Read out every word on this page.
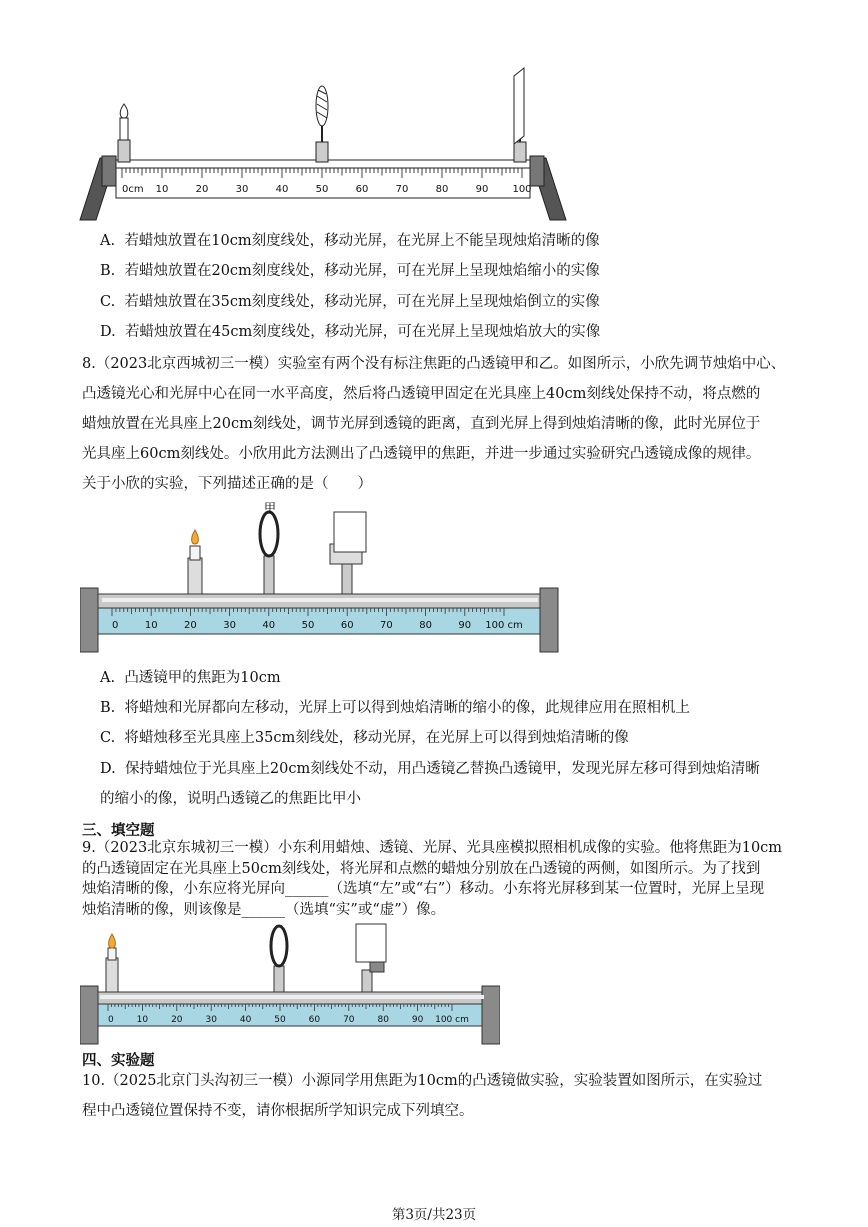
0cm 10	20	30	40	50	60	70	80	90 100
A. 若蜡烛放置在10cm刻度线处，移动光屏，在光屏上不能呈现烛焰清晰的像
B. 若蜡烛放置在20cm刻度线处，移动光屏，可在光屏上呈现烛焰缩小的实像
C. 若蜡烛放置在35cm刻度线处，移动光屏，可在光屏上呈现烛焰倒立的实像
D. 若蜡烛放置在45cm刻度线处，移动光屏，可在光屏上呈现烛焰放大的实像
8.（2023北京西城初三一模）实验室有两个没有标注焦距的凸透镜甲和乙。如图所示，小欣先调节烛焰中心、
凸透镜光心和光屏中心在同一水平高度，然后将凸透镜甲固定在光具座上40cm刻线处保持不动，将点燃的
蜡烛放置在光具座上20cm刻线处，调节光屏到透镜的距离，直到光屏上得到烛焰清晰的像，此时光屏位于
光具座上60cm刻线处。小欣用此方法测出了凸透镜甲的焦距，并进一步通过实验研究凸透镜成像的规律。
关于小欣的实验，下列描述正确的是（　　）
0	10	20	30	40	50	60	70	80	90 100 cm
甲
A. 凸透镜甲的焦距为10cm
B. 将蜡烛和光屏都向左移动，光屏上可以得到烛焰清晰的缩小的像，此规律应用在照相机上
C. 将蜡烛移至光具座上35cm刻线处，移动光屏，在光屏上可以得到烛焰清晰的像
D. 保持蜡烛位于光具座上20cm刻线处不动，用凸透镜乙替换凸透镜甲，发现光屏左移可得到烛焰清晰
的缩小的像，说明凸透镜乙的焦距比甲小
三、填空题
9.（2023北京东城初三一模）小东利用蜡烛、透镜、光屏、光具座模拟照相机成像的实验。他将焦距为10cm
的凸透镜固定在光具座上50cm刻线处，将光屏和点燃的蜡烛分别放在凸透镜的两侧，如图所示。为了找到
烛焰清晰的像，小东应将光屏向______（选填“左”或“右”）移动。小东将光屏移到某一位置时，光屏上呈现
烛焰清晰的像，则该像是______（选填“实”或“虚”）像。
0	10	20	30	40	50	60	70	80	90 100 cm
四、实验题
10.（2025北京门头沟初三一模）小源同学用焦距为10cm的凸透镜做实验，实验装置如图所示，在实验过
程中凸透镜位置保持不变，请你根据所学知识完成下列填空。
第3页/共23页
